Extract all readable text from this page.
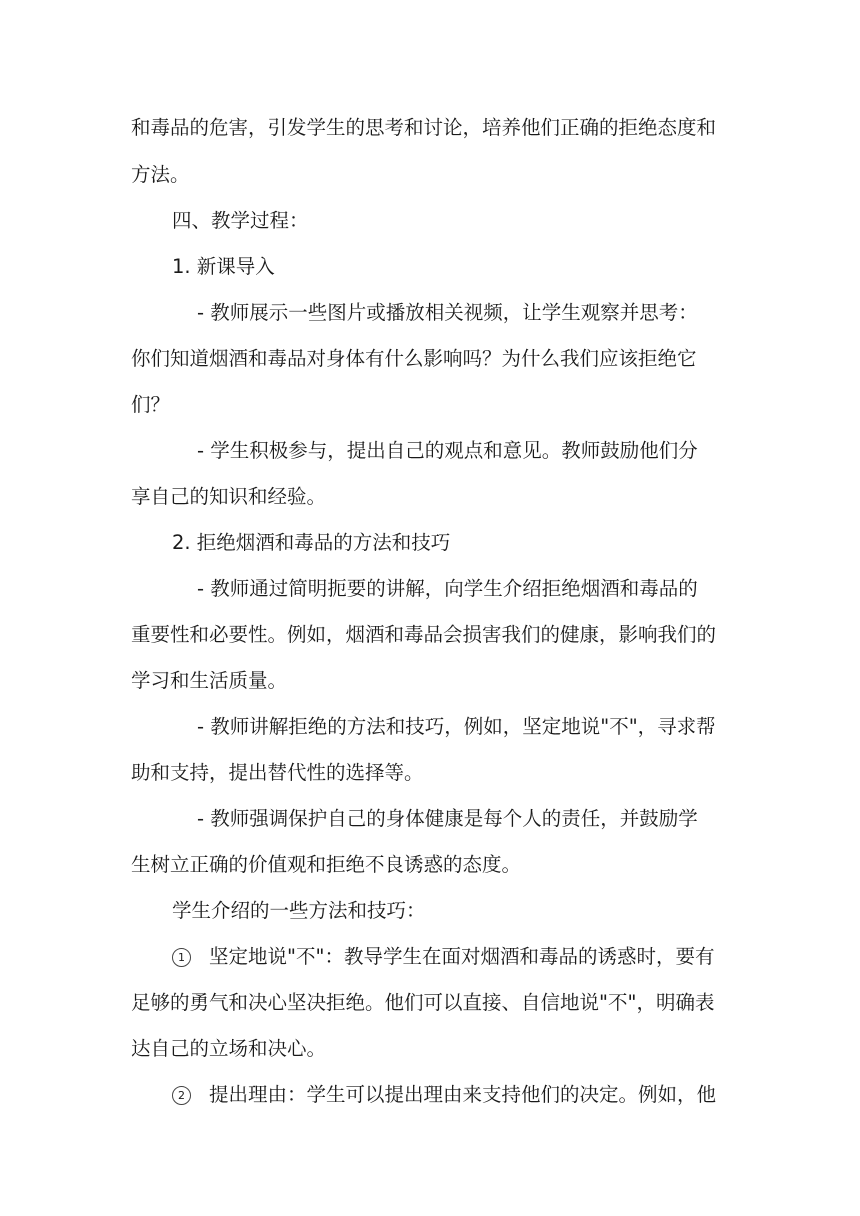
和毒品的危害，引发学生的思考和讨论，培养他们正确的拒绝态度和
方法。
四、教学过程：
1. 新课导入
- 教师展示一些图片或播放相关视频，让学生观察并思考：
你们知道烟酒和毒品对身体有什么影响吗？为什么我们应该拒绝它
们？
- 学生积极参与，提出自己的观点和意见。教师鼓励他们分
享自己的知识和经验。
2. 拒绝烟酒和毒品的方法和技巧
- 教师通过简明扼要的讲解，向学生介绍拒绝烟酒和毒品的
重要性和必要性。例如，烟酒和毒品会损害我们的健康，影响我们的
学习和生活质量。
- 教师讲解拒绝的方法和技巧，例如，坚定地说"不"，寻求帮
助和支持，提出替代性的选择等。
- 教师强调保护自己的身体健康是每个人的责任，并鼓励学
生树立正确的价值观和拒绝不良诱惑的态度。
学生介绍的一些方法和技巧：
1 坚定地说"不"：教导学生在面对烟酒和毒品的诱惑时，要有
足够的勇气和决心坚决拒绝。他们可以直接、自信地说"不"，明确表
达自己的立场和决心。
2 提出理由：学生可以提出理由来支持他们的决定。例如，他
